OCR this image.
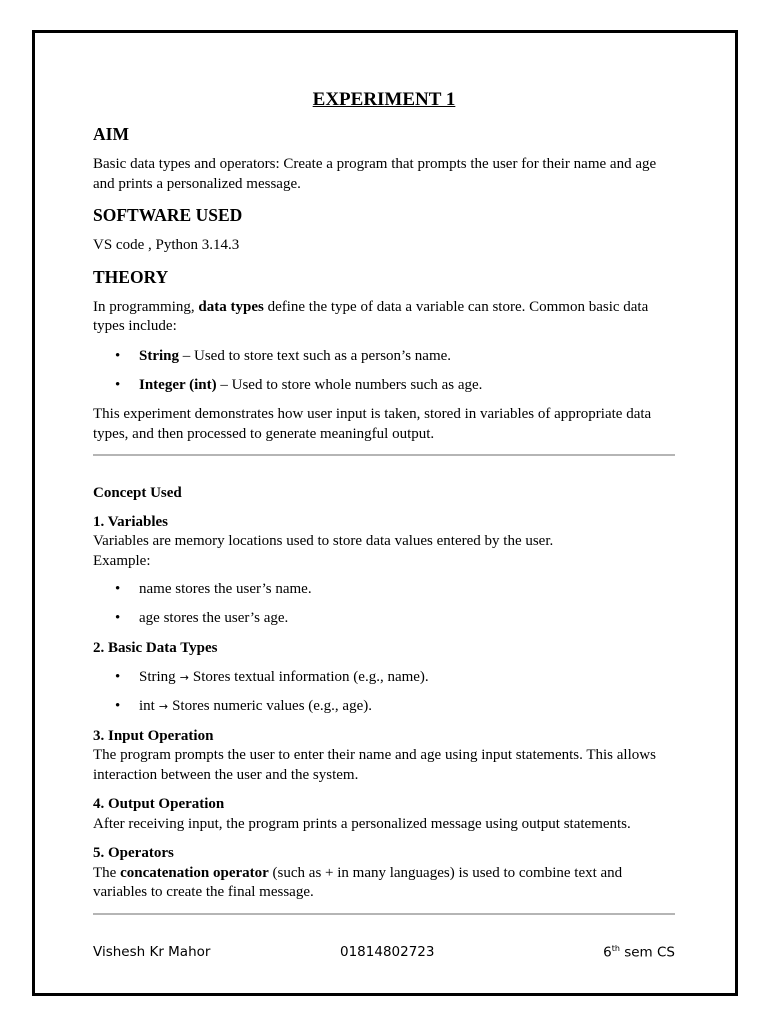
EXPERIMENT 1
AIM
Basic data types and operators: Create a program that prompts the user for their name and age and prints a personalized message.
SOFTWARE USED
VS code , Python 3.14.3
THEORY
In programming, data types define the type of data a variable can store. Common basic data types include:
• String – Used to store text such as a person’s name.
• Integer (int) – Used to store whole numbers such as age.
This experiment demonstrates how user input is taken, stored in variables of appropriate data types, and then processed to generate meaningful output.
Concept Used
1. Variables
Variables are memory locations used to store data values entered by the user.
Example:
• name stores the user’s name.
• age stores the user’s age.
2. Basic Data Types
• String → Stores textual information (e.g., name).
• int → Stores numeric values (e.g., age).
3. Input Operation
The program prompts the user to enter their name and age using input statements. This allows interaction between the user and the system.
4. Output Operation
After receiving input, the program prints a personalized message using output statements.
5. Operators
The concatenation operator (such as + in many languages) is used to combine text and variables to create the final message.
Vishesh Kr Mahor	01814802723	6th sem CS
